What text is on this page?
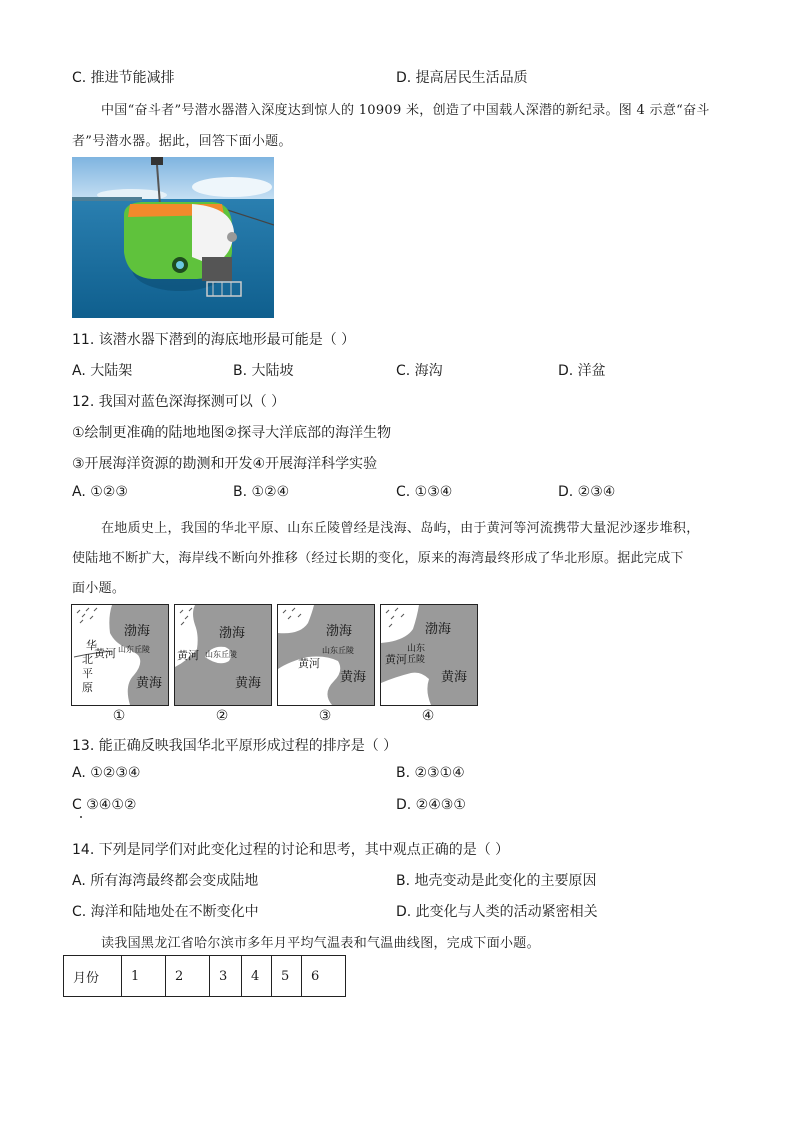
C. 推进节能减排	D. 提高居民生活品质
中国“奋斗者”号潜水器潜入深度达到惊人的 10909 米，创造了中国载人深潜的新纪录。图 4 示意“奋斗
者”号潜水器。据此，回答下面小题。
11. 该潜水器下潜到的海底地形最可能是（ ）
A. 大陆架	B. 大陆坡	C. 海沟	D. 洋盆
12. 我国对蓝色深海探测可以（ ）
①绘制更准确的陆地地图②探寻大洋底部的海洋生物
③开展海洋资源的勘测和开发④开展海洋科学实验
A. ①②③	B. ①②④	C. ①③④	D. ②③④
在地质史上，我国的华北平原、山东丘陵曾经是浅海、岛屿，由于黄河等河流携带大量泥沙逐步堆积，
使陆地不断扩大，海岸线不断向外推移（经过长期的变化，原来的海湾最终形成了华北形原。据此完成下
面小题。
渤海
黄海
黄河 山东丘陵
华
北
平
原
①
渤海
黄海
黄河 山东丘陵
②
渤海
黄海
黄河
山东丘陵
③
渤海
黄海
黄河
山东
丘陵
④
13. 能正确反映我国华北平原形成过程的排序是（ ）
A. ①②③④	B. ②③①④
C ③④①②	D. ②④③①
14. 下列是同学们对此变化过程的讨论和思考，其中观点正确的是（ ）
A. 所有海湾最终都会变成陆地	B. 地壳变动是此变化的主要原因
C. 海洋和陆地处在不断变化中	D. 此变化与人类的活动紧密相关
读我国黑龙江省哈尔滨市多年月平均气温表和气温曲线图，完成下面小题。
月份	1	2	3	4	5	6
